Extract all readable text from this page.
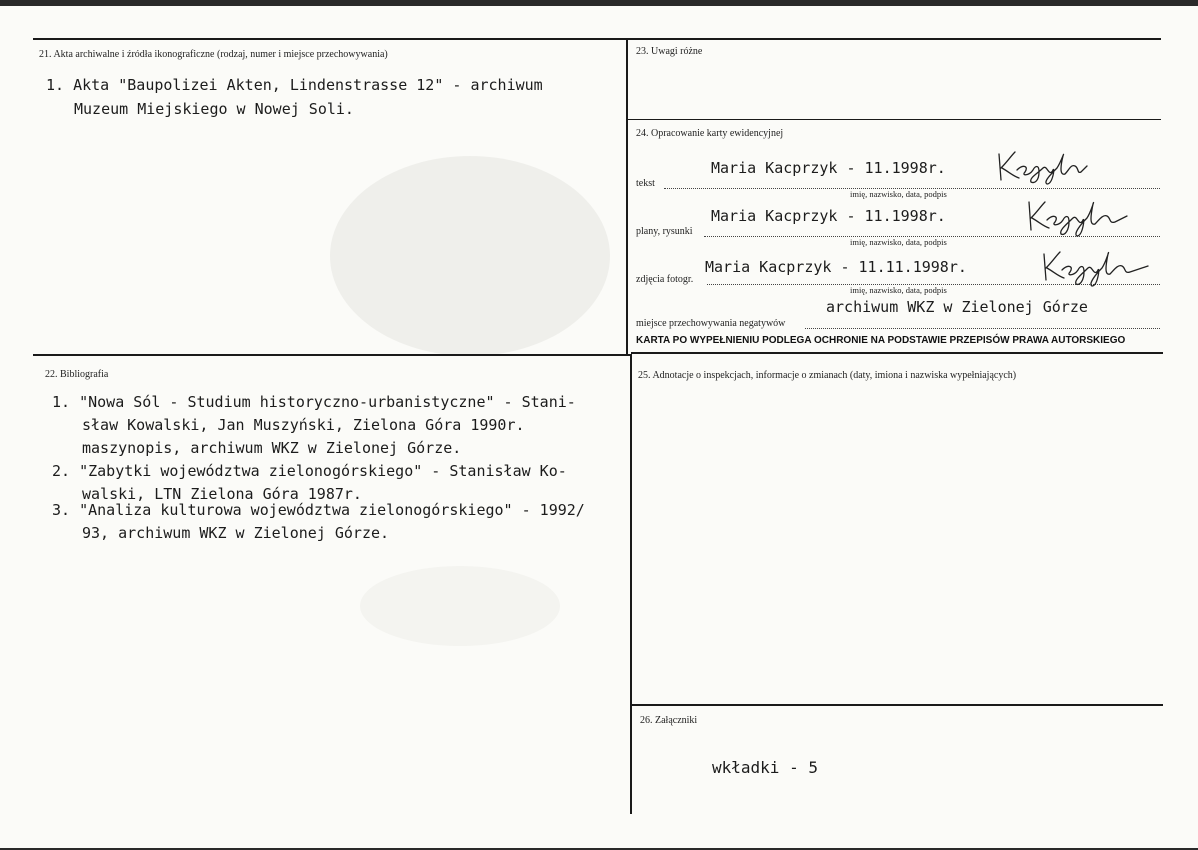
21. Akta archiwalne i źródła ikonograficzne (rodzaj, numer i miejsce przechowywania)
1. Akta "Baupolizei Akten, Lindenstrasse 12" - archiwum
Muzeum Miejskiego w Nowej Soli.
22. Bibliografia
1. "Nowa Sól - Studium historyczno-urbanistyczne" - Stani-
sław Kowalski, Jan Muszyński, Zielona Góra 1990r.
maszynopis, archiwum WKZ w Zielonej Górze.
2. "Zabytki województwa zielonogórskiego" - Stanisław Ko-
walski, LTN Zielona Góra 1987r.
3. "Analiza kulturowa województwa zielonogórskiego" - 1992/
93, archiwum WKZ w Zielonej Górze.
23. Uwagi różne
24. Opracowanie karty ewidencyjnej
tekst
Maria Kacprzyk - 11.1998r.
imię, nazwisko, data, podpis
plany, rysunki
Maria Kacprzyk - 11.1998r.
imię, nazwisko, data, podpis
zdjęcia fotogr.
Maria Kacprzyk - 11.11.1998r.
imię, nazwisko, data, podpis
miejsce przechowywania negatywów
archiwum WKZ w Zielonej Górze
KARTA PO WYPEŁNIENIU PODLEGA OCHRONIE NA PODSTAWIE PRZEPISÓW PRAWA AUTORSKIEGO
25. Adnotacje o inspekcjach, informacje o zmianach (daty, imiona i nazwiska wypełniających)
26. Załączniki
wkładki - 5
